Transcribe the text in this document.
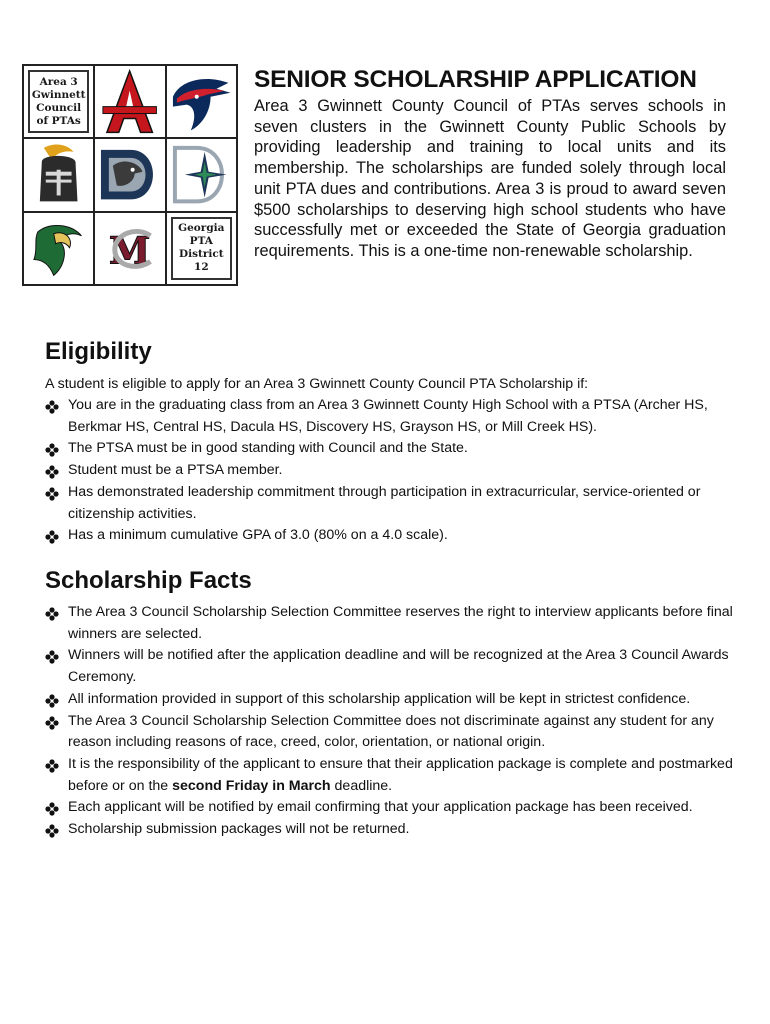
Area 3
Gwinnett Council
of PTAs
M	Georgia PTA
District
12
SENIOR SCHOLARSHIP APPLICATION

Area 3 Gwinnett County Council of PTAs serves schools in seven clusters in the Gwinnett County Public Schools by providing leadership and training to local units and its membership. The scholarships are funded solely through local unit PTA dues and contributions. Area 3 is proud to award seven $500 scholarships to deserving high school students who have successfully met or exceeded the State of Georgia graduation requirements. This is a one-time non-renewable scholarship.

Eligibility

A student is eligible to apply for an Area 3 Gwinnett County Council PTA Scholarship if:

You are in the graduating class from an Area 3 Gwinnett County High School with a PTSA (Archer HS, Berkmar HS, Central HS, Dacula HS, Discovery HS, Grayson HS, or Mill Creek HS).
The PTSA must be in good standing with Council and the State.
Student must be a PTSA member.
Has demonstrated leadership commitment through participation in extracurricular, service-oriented or citizenship activities.
Has a minimum cumulative GPA of 3.0 (80% on a 4.0 scale).
Scholarship Facts
The Area 3 Council Scholarship Selection Committee reserves the right to interview applicants before final winners are selected.
Winners will be notified after the application deadline and will be recognized at the Area 3 Council Awards Ceremony.
All information provided in support of this scholarship application will be kept in strictest confidence.
The Area 3 Council Scholarship Selection Committee does not discriminate against any student for any reason including reasons of race, creed, color, orientation, or national origin.
It is the responsibility of the applicant to ensure that their application package is complete and postmarked before or on the second Friday in March deadline.
Each applicant will be notified by email confirming that your application package has been received.
Scholarship submission packages will not be returned.
